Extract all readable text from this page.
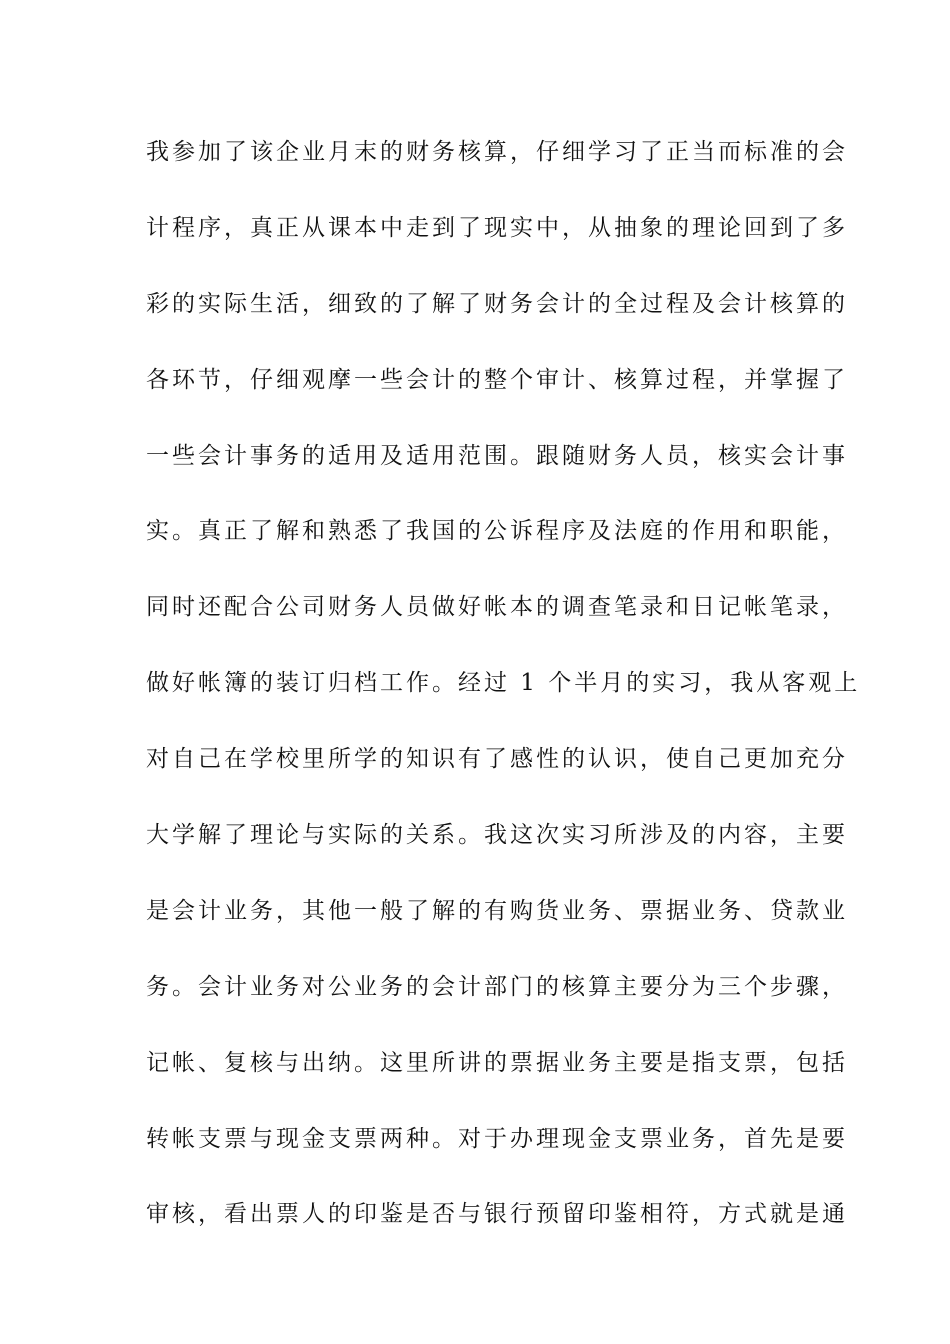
我参加了该企业月末的财务核算，仔细学习了正当而标准的会
计程序，真正从课本中走到了现实中，从抽象的理论回到了多
彩的实际生活，细致的了解了财务会计的全过程及会计核算的
各环节，仔细观摩一些会计的整个审计、核算过程，并掌握了
一些会计事务的适用及适用范围。跟随财务人员，核实会计事
实。真正了解和熟悉了我国的公诉程序及法庭的作用和职能，
同时还配合公司财务人员做好帐本的调查笔录和日记帐笔录，
做好帐簿的装订归档工作。经过 1 个半月的实习，我从客观上
对自己在学校里所学的知识有了感性的认识，使自己更加充分
大学解了理论与实际的关系。我这次实习所涉及的内容，主要
是会计业务，其他一般了解的有购货业务、票据业务、贷款业
务。会计业务对公业务的会计部门的核算主要分为三个步骤，
记帐、复核与出纳。这里所讲的票据业务主要是指支票，包括
转帐支票与现金支票两种。对于办理现金支票业务，首先是要
审核，看出票人的印鉴是否与银行预留印鉴相符，方式就是通
